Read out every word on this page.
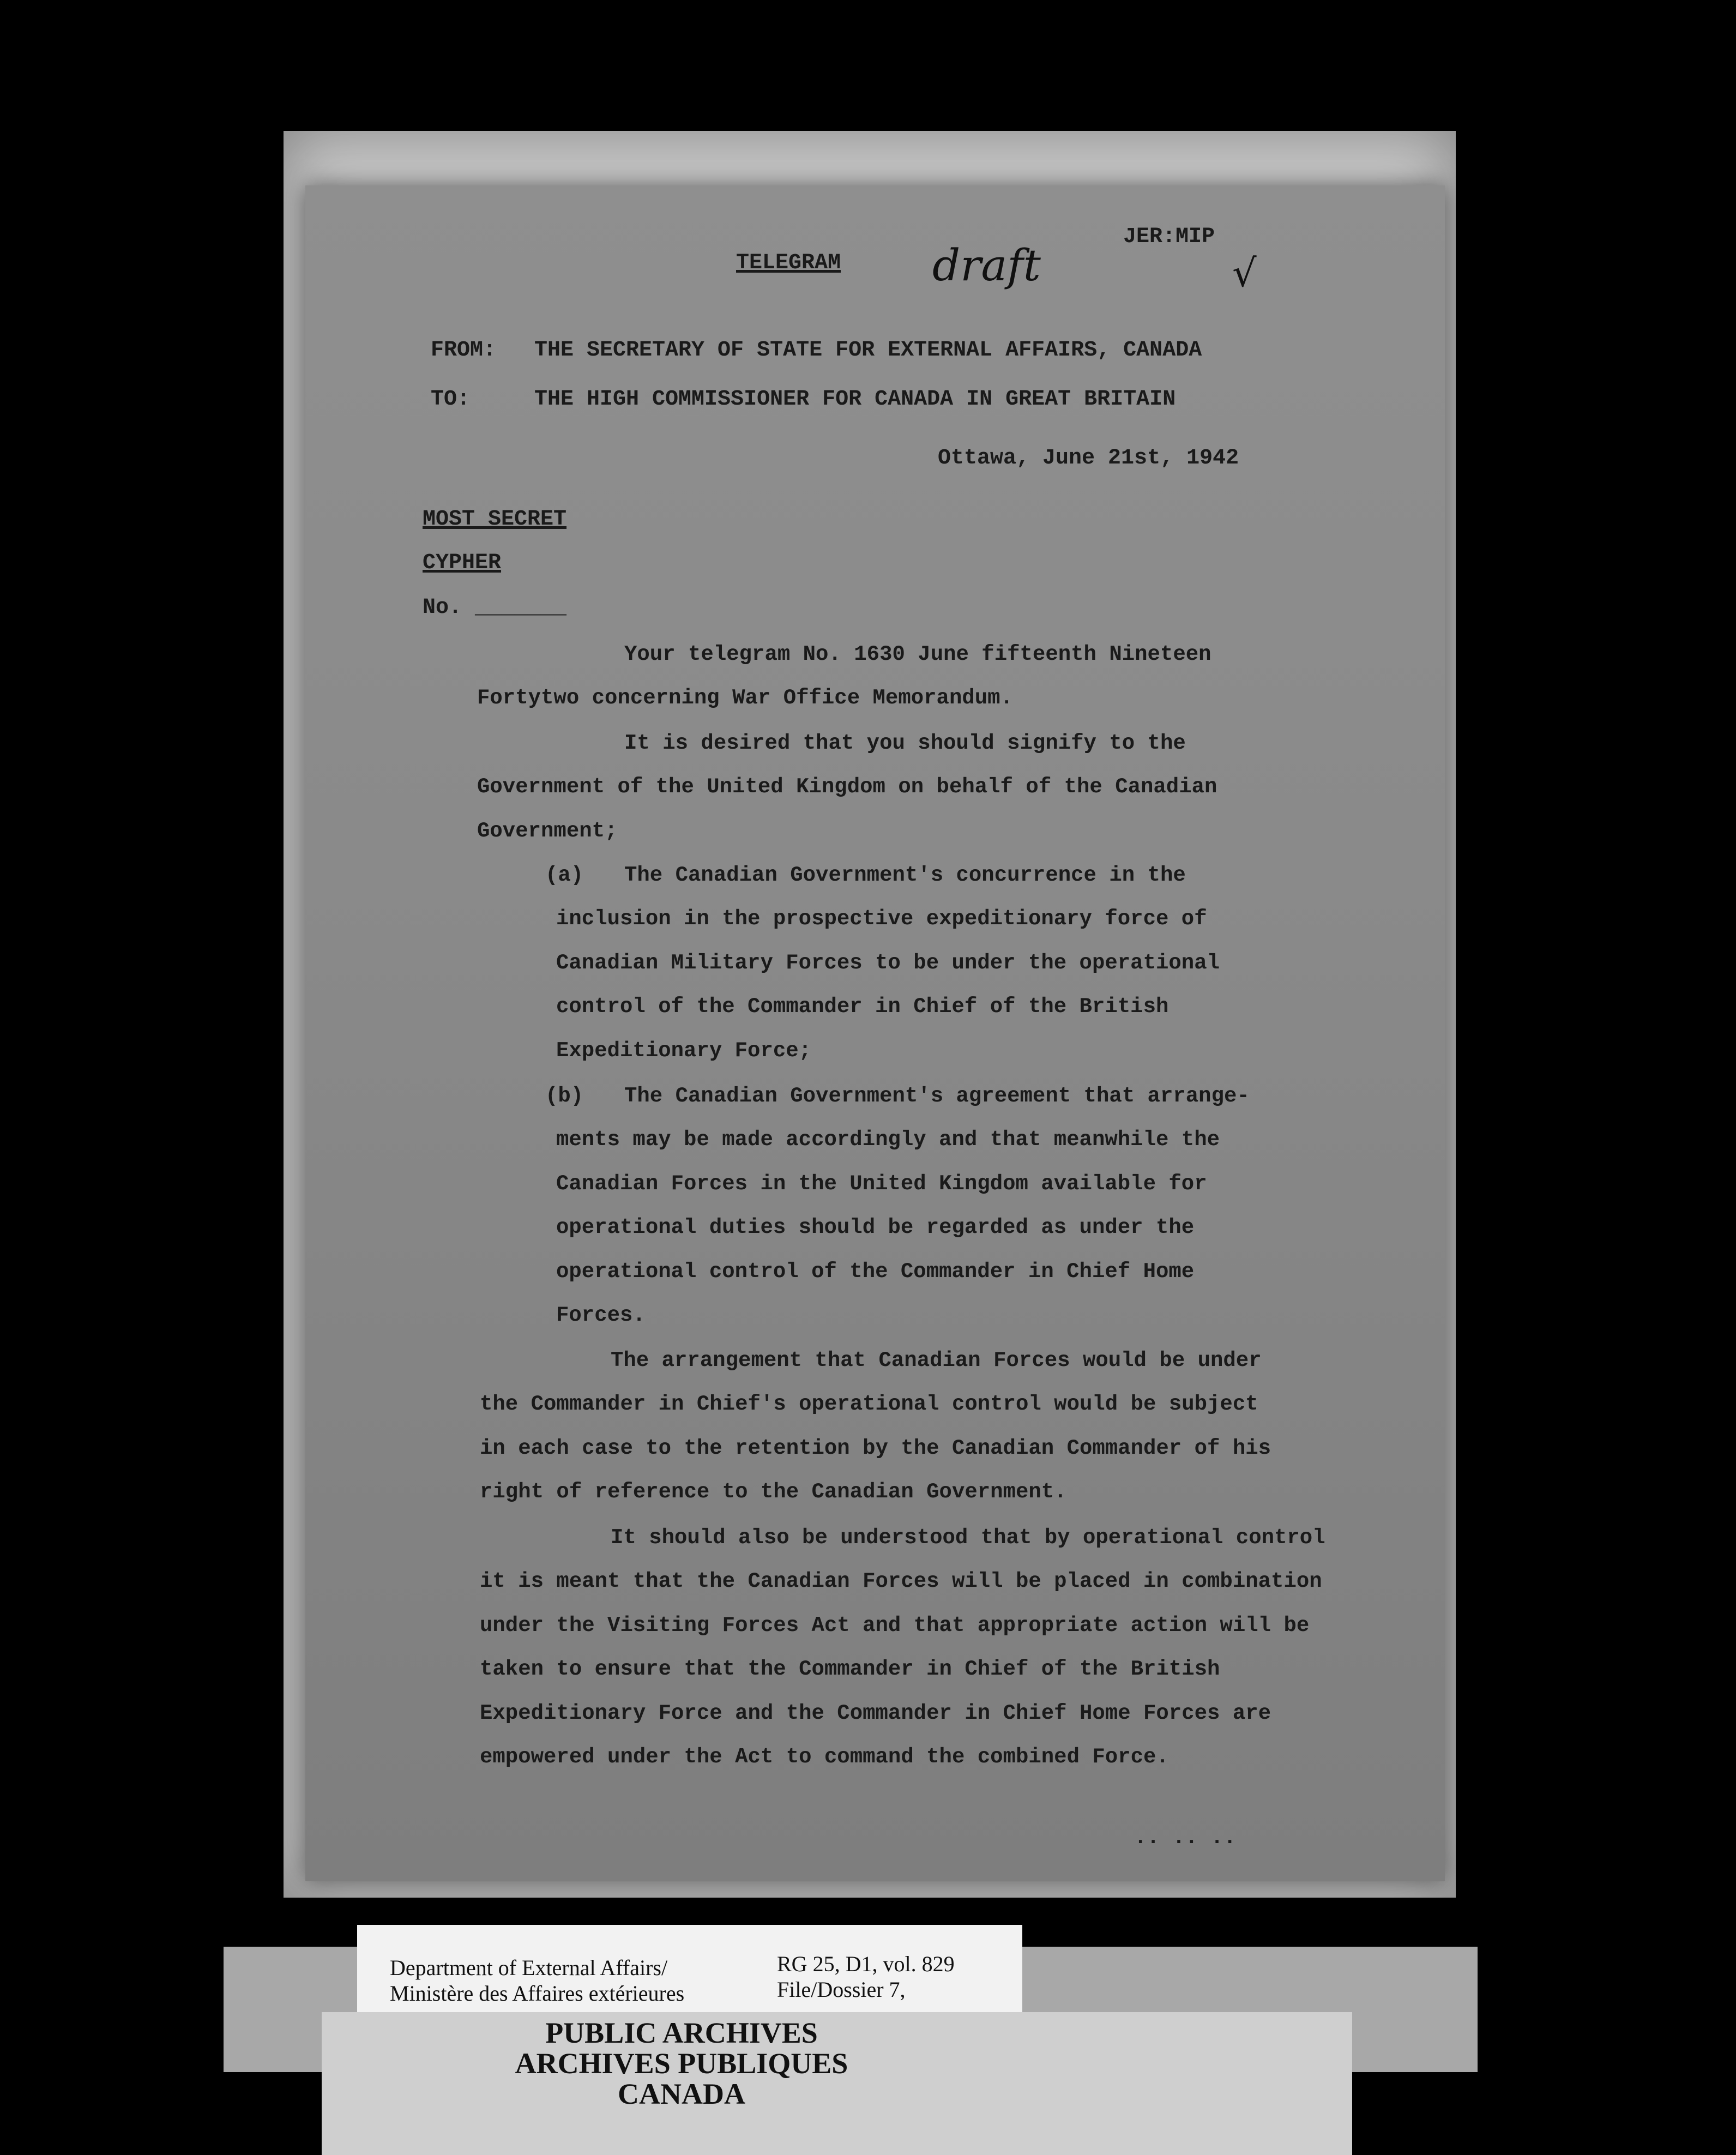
TELEGRAM
JER:MIP
draft	√
FROM: THE SECRETARY OF STATE FOR EXTERNAL AFFAIRS, CANADA
TO:	THE HIGH COMMISSIONER FOR CANADA IN GREAT BRITAIN
Ottawa, June 21st, 1942
MOST SECRET
CYPHER
No. _______
Your telegram No. 1630 June fifteenth Nineteen
Fortytwo concerning War Office Memorandum.
It is desired that you should signify to the
Government of the United Kingdom on behalf of the Canadian
Government;
(a) The Canadian Government's concurrence in the
inclusion in the prospective expeditionary force of
Canadian Military Forces to be under the operational
control of the Commander in Chief of the British
Expeditionary Force;
(b) The Canadian Government's agreement that arrange-
ments may be made accordingly and that meanwhile the
Canadian Forces in the United Kingdom available for
operational duties should be regarded as under the
operational control of the Commander in Chief Home
Forces.
The arrangement that Canadian Forces would be under
the Commander in Chief's operational control would be subject
in each case to the retention by the Canadian Commander of his
right of reference to the Canadian Government.
It should also be understood that by operational control
it is meant that the Canadian Forces will be placed in combination
under the Visiting Forces Act and that appropriate action will be
taken to ensure that the Commander in Chief of the British
Expeditionary Force and the Commander in Chief Home Forces are
empowered under the Act to command the combined Force.
.. .. ..
Department of External Affairs/
Ministère des Affaires extérieures
RG 25, D1, vol. 829
File/Dossier 7,
PUBLIC ARCHIVES
ARCHIVES PUBLIQUES
CANADA
